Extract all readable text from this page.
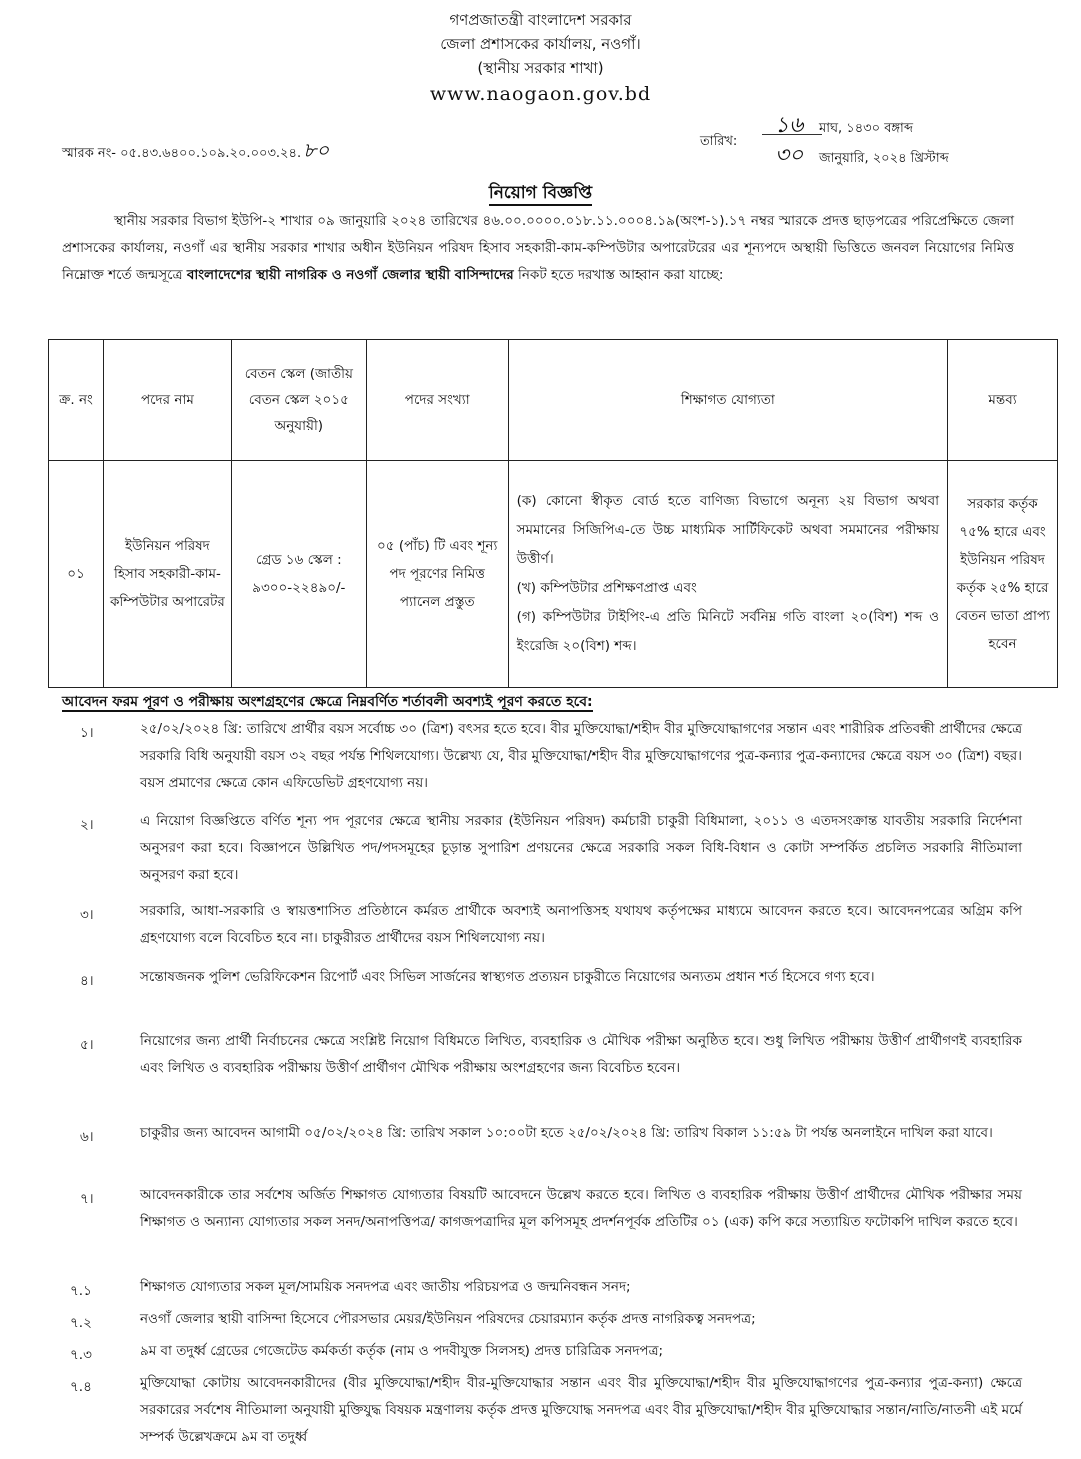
গণপ্রজাতন্ত্রী বাংলাদেশ সরকার
জেলা প্রশাসকের কার্যালয়, নওগাঁ।
(স্থানীয় সরকার শাখা)
www.naogaon.gov.bd
স্মারক নং- ০৫.৪৩.৬৪০০.১০৯.২০.০০৩.২৪. ৮০	তারিখ:
১৬ মাঘ, ১৪৩০ বঙ্গাব্দ
৩০ জানুয়ারি, ২০২৪ খ্রিস্টাব্দ
নিয়োগ বিজ্ঞপ্তি
স্থানীয় সরকার বিভাগ ইউপি-২ শাখার ০৯ জানুয়ারি ২০২৪ তারিখের ৪৬.০০.০০০০.০১৮.১১.০০০৪.১৯(অংশ-১).১৭ নম্বর স্মারকে প্রদত্ত ছাড়পত্রের পরিপ্রেক্ষিতে জেলা প্রশাসকের কার্যালয়, নওগাঁ এর স্থানীয় সরকার শাখার অধীন ইউনিয়ন পরিষদ হিসাব সহকারী-কাম-কম্পিউটার অপারেটরের এর শূন্যপদে অস্থায়ী ভিত্তিতে জনবল নিয়োগের নিমিত্ত নিম্নোক্ত শর্তে জন্মসূত্রে বাংলাদেশের স্থায়ী নাগরিক ও নওগাঁ জেলার স্থায়ী বাসিন্দাদের নিকট হতে দরখাস্ত আহ্বান করা যাচ্ছে:
ক্র. নং	পদের নাম	বেতন স্কেল (জাতীয় বেতন স্কেল ২০১৫ অনুযায়ী)	পদের সংখ্যা	শিক্ষাগত যোগ্যতা	মন্তব্য
০১	ইউনিয়ন পরিষদ হিসাব সহকারী-কাম-কম্পিউটার অপারেটর	গ্রেড ১৬ স্কেল : ৯৩০০-২২৪৯০/-	০৫ (পাঁচ) টি এবং শূন্য পদ পূরণের নিমিত্ত প্যানেল প্রস্তুত	(ক) কোনো স্বীকৃত বোর্ড হতে বাণিজ্য বিভাগে অনূন্য ২য় বিভাগ অথবা সমমানের সিজিপিএ-তে উচ্চ মাধ্যমিক সার্টিফিকেট অথবা সমমানের পরীক্ষায় উত্তীর্ণ।
(খ) কম্পিউটার প্রশিক্ষণপ্রাপ্ত এবং
(গ) কম্পিউটার টাইপিং-এ প্রতি মিনিটে সর্বনিম্ন গতি বাংলা ২০(বিশ) শব্দ ও ইংরেজি ২০(বিশ) শব্দ।	সরকার কর্তৃক ৭৫% হারে এবং ইউনিয়ন পরিষদ কর্তৃক ২৫% হারে বেতন ভাতা প্রাপ্য হবেন
আবেদন ফরম পূরণ ও পরীক্ষায় অংশগ্রহণের ক্ষেত্রে নিম্নবর্ণিত শর্তাবলী অবশ্যই পূরণ করতে হবে:
১।	২৫/০২/২০২৪ খ্রি: তারিখে প্রার্থীর বয়স সর্বোচ্চ ৩০ (ত্রিশ) বৎসর হতে হবে। বীর মুক্তিযোদ্ধা/শহীদ বীর মুক্তিযোদ্ধাগণের সন্তান এবং শারীরিক প্রতিবন্ধী প্রার্থীদের ক্ষেত্রে সরকারি বিধি অনুযায়ী বয়স ৩২ বছর পর্যন্ত শিথিলযোগ্য। উল্লেখ্য যে, বীর মুক্তিযোদ্ধা/শহীদ বীর মুক্তিযোদ্ধাগণের পুত্র-কন্যার পুত্র-কন্যাদের ক্ষেত্রে বয়স ৩০ (ত্রিশ) বছর। বয়স প্রমাণের ক্ষেত্রে কোন এফিডেভিট গ্রহণযোগ্য নয়।
২।	এ নিয়োগ বিজ্ঞপ্তিতে বর্ণিত শূন্য পদ পূরণের ক্ষেত্রে স্থানীয় সরকার (ইউনিয়ন পরিষদ) কর্মচারী চাকুরী বিধিমালা, ২০১১ ও এতদসংক্রান্ত যাবতীয় সরকারি নির্দেশনা অনুসরণ করা হবে। বিজ্ঞাপনে উল্লিখিত পদ/পদসমূহের চূড়ান্ত সুপারিশ প্রণয়নের ক্ষেত্রে সরকারি সকল বিধি-বিধান ও কোটা সম্পর্কিত প্রচলিত সরকারি নীতিমালা অনুসরণ করা হবে।
৩।	সরকারি, আধা-সরকারি ও স্বায়ত্তশাসিত প্রতিষ্ঠানে কর্মরত প্রার্থীকে অবশ্যই অনাপত্তিসহ যথাযথ কর্তৃপক্ষের মাধ্যমে আবেদন করতে হবে। আবেদনপত্রের অগ্রিম কপি গ্রহণযোগ্য বলে বিবেচিত হবে না। চাকুরীরত প্রার্থীদের বয়স শিথিলযোগ্য নয়।
৪।	সন্তোষজনক পুলিশ ভেরিফিকেশন রিপোর্ট এবং সিভিল সার্জনের স্বাস্থ্যগত প্রত্যয়ন চাকুরীতে নিয়োগের অন্যতম প্রধান শর্ত হিসেবে গণ্য হবে।
৫।	নিয়োগের জন্য প্রার্থী নির্বাচনের ক্ষেত্রে সংশ্লিষ্ট নিয়োগ বিধিমতে লিখিত, ব্যবহারিক ও মৌখিক পরীক্ষা অনুষ্ঠিত হবে। শুধু লিখিত পরীক্ষায় উত্তীর্ণ প্রার্থীগণই ব্যবহারিক এবং লিখিত ও ব্যবহারিক পরীক্ষায় উত্তীর্ণ প্রার্থীগণ মৌখিক পরীক্ষায় অংশগ্রহণের জন্য বিবেচিত হবেন।
৬।	চাকুরীর জন্য আবেদন আগামী ০৫/০২/২০২৪ খ্রি: তারিখ সকাল ১০:০০টা হতে ২৫/০২/২০২৪ খ্রি: তারিখ বিকাল ১১:৫৯ টা পর্যন্ত অনলাইনে দাখিল করা যাবে।
৭।	আবেদনকারীকে তার সর্বশেষ অর্জিত শিক্ষাগত যোগ্যতার বিষয়টি আবেদনে উল্লেখ করতে হবে। লিখিত ও ব্যবহারিক পরীক্ষায় উত্তীর্ণ প্রার্থীদের মৌখিক পরীক্ষার সময় শিক্ষাগত ও অন্যান্য যোগ্যতার সকল সনদ/অনাপত্তিপত্র/ কাগজপত্রাদির মূল কপিসমূহ প্রদর্শনপূর্বক প্রতিটির ০১ (এক) কপি করে সত্যায়িত ফটোকপি দাখিল করতে হবে।
৭.১	শিক্ষাগত যোগ্যতার সকল মূল/সাময়িক সনদপত্র এবং জাতীয় পরিচয়পত্র ও জন্মনিবন্ধন সনদ;
৭.২	নওগাঁ জেলার স্থায়ী বাসিন্দা হিসেবে পৌরসভার মেয়র/ইউনিয়ন পরিষদের চেয়ারম্যান কর্তৃক প্রদত্ত নাগরিকত্ব সনদপত্র;
৭.৩	৯ম বা তদুর্ধ্ব গ্রেডের গেজেটেড কর্মকর্তা কর্তৃক (নাম ও পদবীযুক্ত সিলসহ) প্রদত্ত চারিত্রিক সনদপত্র;
৭.৪	মুক্তিযোদ্ধা কোটায় আবেদনকারীদের (বীর মুক্তিযোদ্ধা/শহীদ বীর-মুক্তিযোদ্ধার সন্তান এবং বীর মুক্তিযোদ্ধা/শহীদ বীর মুক্তিযোদ্ধাগণের পুত্র-কন্যার পুত্র-কন্যা) ক্ষেত্রে সরকারের সর্বশেষ নীতিমালা অনুযায়ী মুক্তিযুদ্ধ বিষয়ক মন্ত্রণালয় কর্তৃক প্রদত্ত মুক্তিযোদ্ধ সনদপত্র এবং বীর মুক্তিযোদ্ধা/শহীদ বীর মুক্তিযোদ্ধার সন্তান/নাতি/নাতনী এই মর্মে সম্পর্ক উল্লেখক্রমে ৯ম বা তদুর্ধ্ব
